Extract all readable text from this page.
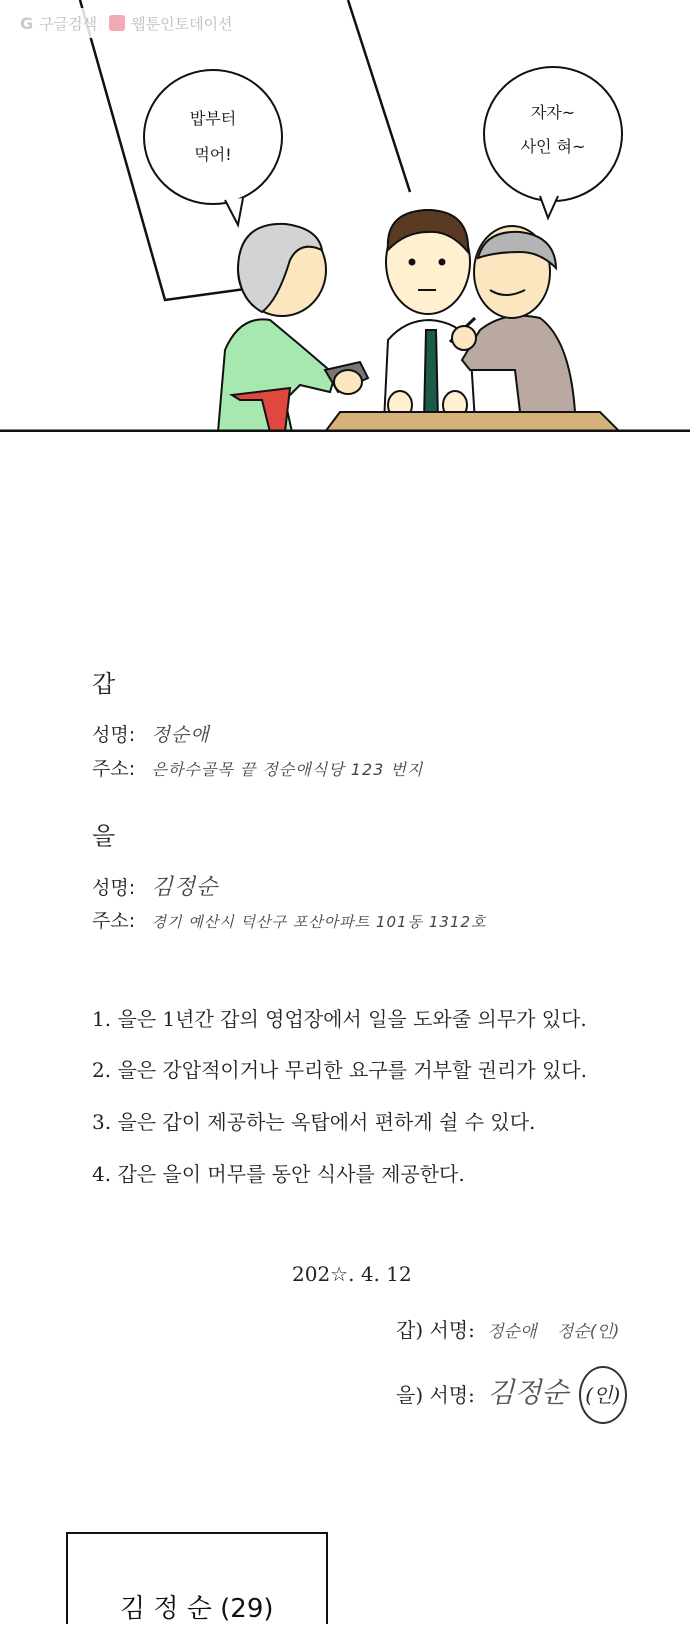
밥부터
먹어!
자자~
사인 혀~
G 구글검색 웹툰인토데이션
갑
성명: 정순애
주소: 은하수골목 끝 정순애식당 123 번지
을
성명: 김정순
주소: 경기 예산시 덕산구 포산아파트 101동 1312호
1. 을은 1년간 갑의 영업장에서 일을 도와줄 의무가 있다.
2. 을은 강압적이거나 무리한 요구를 거부할 권리가 있다.
3. 을은 갑이 제공하는 옥탑에서 편하게 쉴 수 있다.
4. 갑은 을이 머무를 동안 식사를 제공한다.
202☆. 4. 12
갑) 서명: 정순애 정순(인)
을) 서명: 김정순 (인)
김 정 순 (29)
